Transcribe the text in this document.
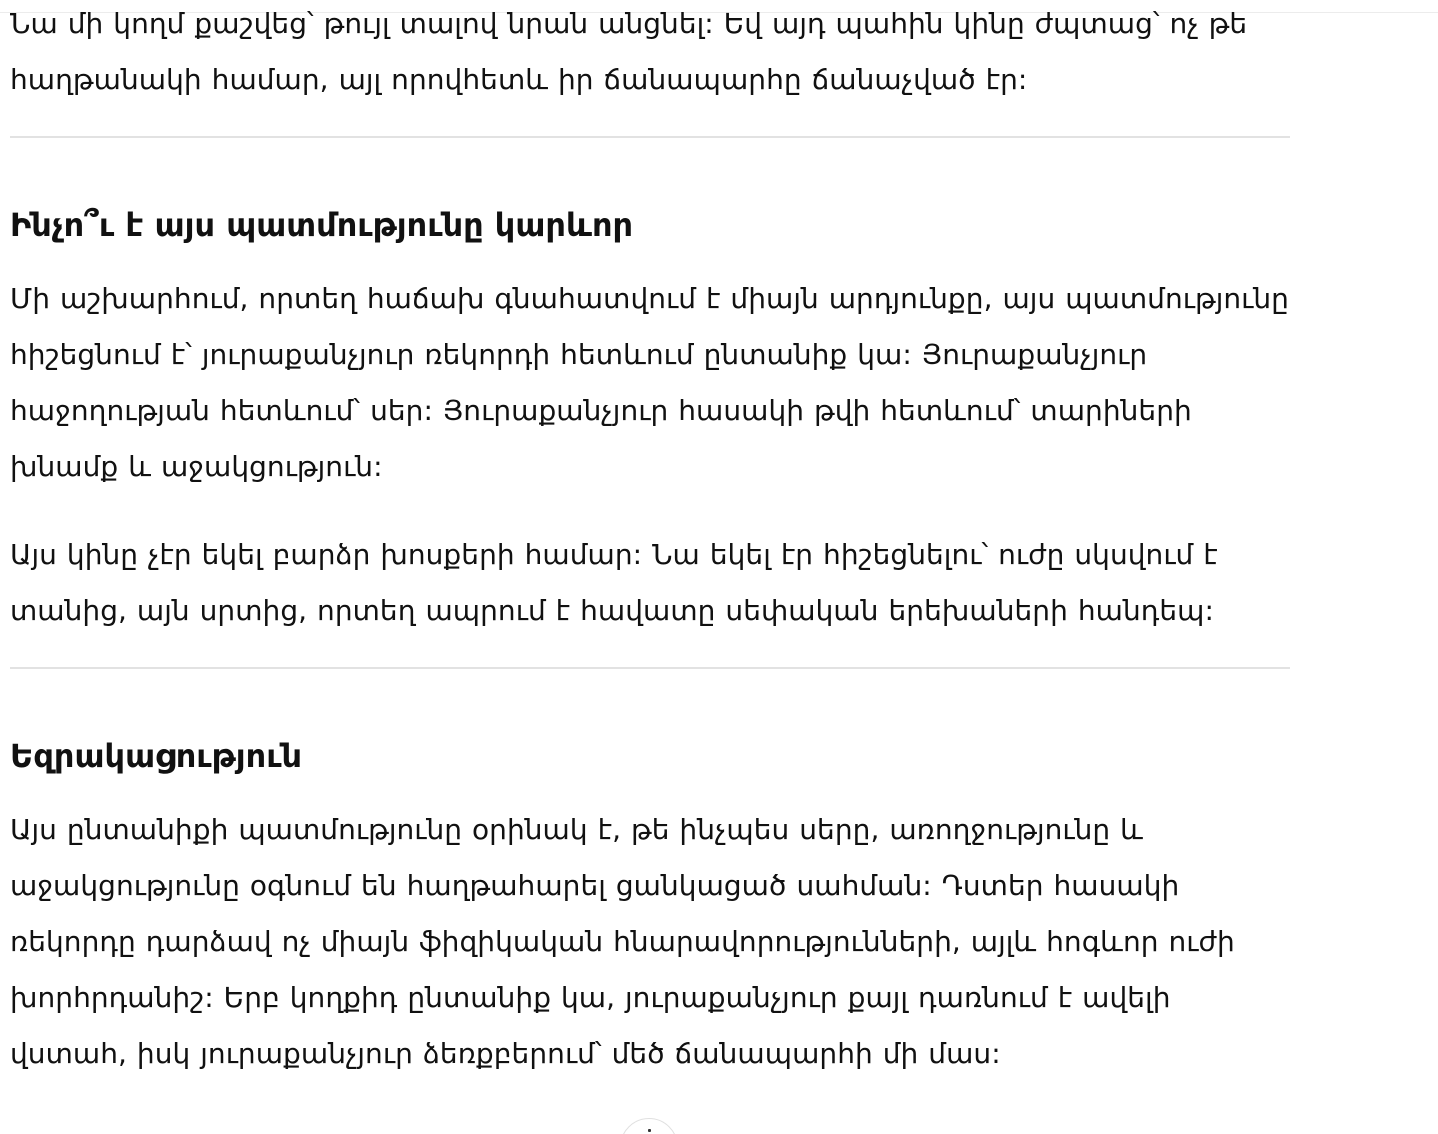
Նա մի կողմ քաշվեց՝ թույլ տալով նրան անցնել: Եվ այդ պահին կինը ժպտաց՝ ոչ թե հաղթանակի համար, այլ որովհետև իր ճանապարհը ճանաչված էր:

Ինչո՞ւ է այս պատմությունը կարևոր

Մի աշխարհում, որտեղ հաճախ գնահատվում է միայն արդյունքը, այս պատմությունը հիշեցնում է՝ յուրաքանչյուր ռեկորդի հետևում ընտանիք կա: Յուրաքանչյուր հաջողության հետևում՝ սեր: Յուրաքանչյուր հասակի թվի հետևում՝ տարիների խնամք և աջակցություն:

Այս կինը չէր եկել բարձր խոսքերի համար: Նա եկել էր հիշեցնելու՝ ուժը սկսվում է տանից, այն սրտից, որտեղ ապրում է հավատը սեփական երեխաների հանդեպ:

Եզրակացություն

Այս ընտանիքի պատմությունը օրինակ է, թե ինչպես սերը, առողջությունը և աջակցությունը օգնում են հաղթահարել ցանկացած սահման: Դստեր հասակի ռեկորդը դարձավ ոչ միայն ֆիզիկական հնարավորությունների, այլև հոգևոր ուժի խորհրդանիշ: Երբ կողքիդ ընտանիք կա, յուրաքանչյուր քայլ դառնում է ավելի վստահ, իսկ յուրաքանչյուր ձեռքբերում՝ մեծ ճանապարհի մի մաս:
